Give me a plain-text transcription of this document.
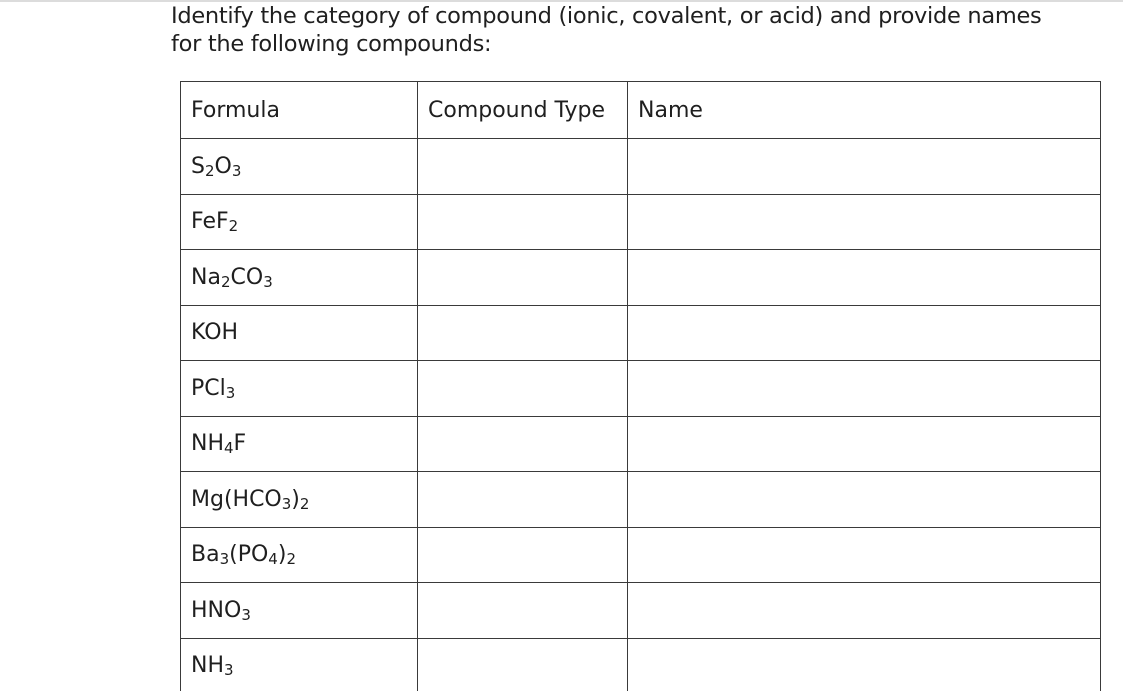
Identify the category of compound (ionic, covalent, or acid) and provide names
for the following compounds:
Formula	Compound Type	Name
$S_2O_3$		
FeF$_2$		
$Na_2CO_3$		
KOH		
PCl$_3$		
$NH_4F$		
$Mg(HCO_3)_2$		
$Ba_3(PO_4)_2$		
$HNO_3$		
$NH_3$		
